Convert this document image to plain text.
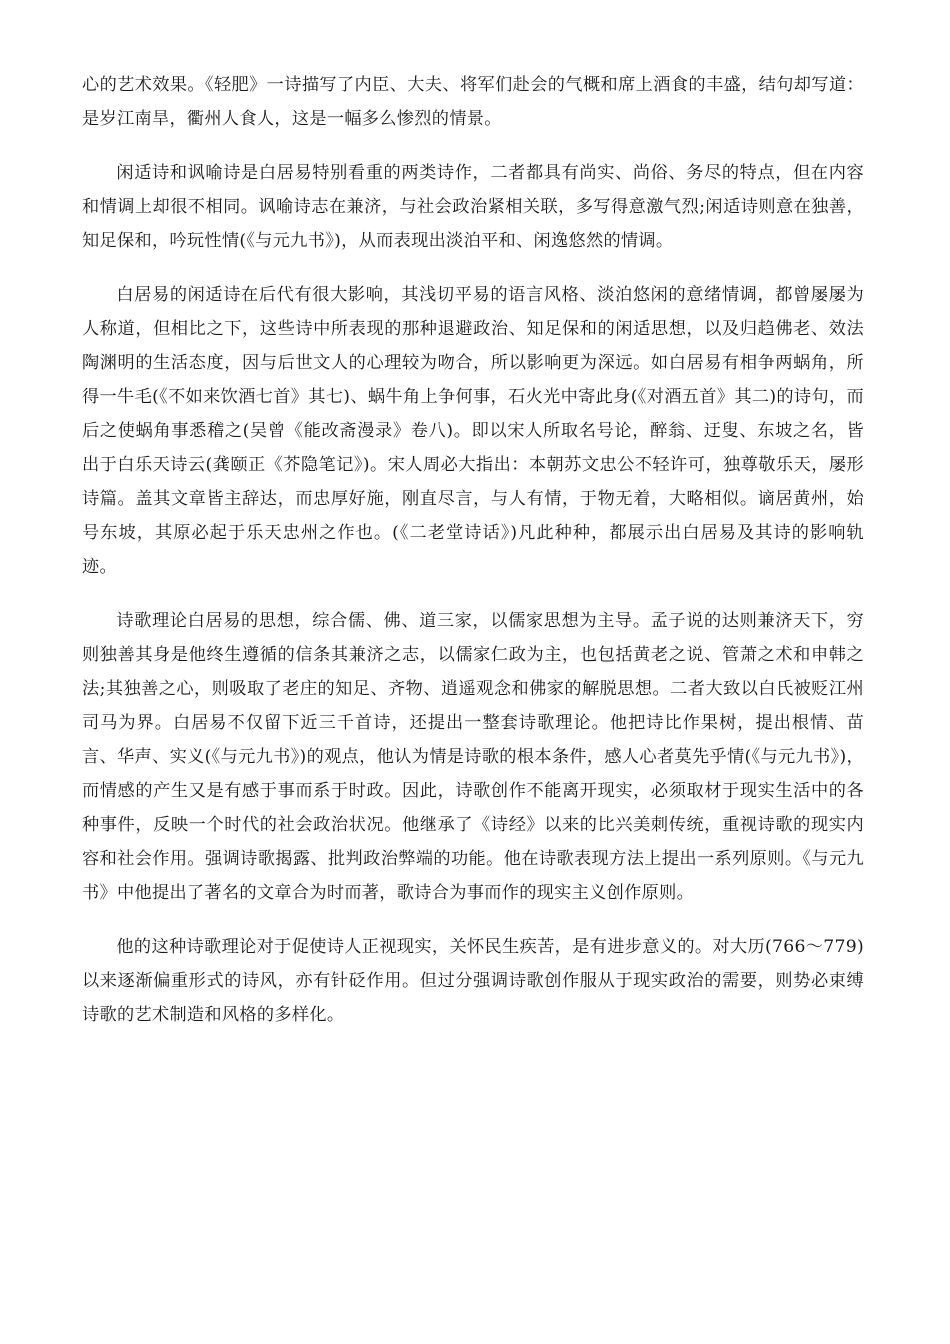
心的艺术效果。《轻肥》一诗描写了内臣、大夫、将军们赴会的气概和席上酒食的丰盛，结句却写道：是岁江南旱，衢州人食人，这是一幅多么惨烈的情景。

闲适诗和讽喻诗是白居易特别看重的两类诗作，二者都具有尚实、尚俗、务尽的特点，但在内容和情调上却很不相同。讽喻诗志在兼济，与社会政治紧相关联，多写得意激气烈;闲适诗则意在独善，知足保和，吟玩性情(《与元九书》)，从而表现出淡泊平和、闲逸悠然的情调。

白居易的闲适诗在后代有很大影响，其浅切平易的语言风格、淡泊悠闲的意绪情调，都曾屡屡为人称道，但相比之下，这些诗中所表现的那种退避政治、知足保和的闲适思想，以及归趋佛老、效法陶渊明的生活态度，因与后世文人的心理较为吻合，所以影响更为深远。如白居易有相争两蜗角，所得一牛毛(《不如来饮酒七首》其七)、蜗牛角上争何事，石火光中寄此身(《对酒五首》其二)的诗句，而后之使蜗角事悉稽之(吴曾《能改斋漫录》卷八)。即以宋人所取名号论，醉翁、迂叟、东坡之名，皆出于白乐天诗云(龚颐正《芥隐笔记》)。宋人周必大指出：本朝苏文忠公不轻许可，独尊敬乐天，屡形诗篇。盖其文章皆主辞达，而忠厚好施，刚直尽言，与人有情，于物无着，大略相似。谪居黄州，始号东坡，其原必起于乐天忠州之作也。(《二老堂诗话》)凡此种种，都展示出白居易及其诗的影响轨迹。

诗歌理论白居易的思想，综合儒、佛、道三家，以儒家思想为主导。孟子说的达则兼济天下，穷则独善其身是他终生遵循的信条其兼济之志，以儒家仁政为主，也包括黄老之说、管萧之术和申韩之法;其独善之心，则吸取了老庄的知足、齐物、逍遥观念和佛家的解脱思想。二者大致以白氏被贬江州司马为界。白居易不仅留下近三千首诗，还提出一整套诗歌理论。他把诗比作果树，提出根情、苗言、华声、实义(《与元九书》)的观点，他认为情是诗歌的根本条件，感人心者莫先乎情(《与元九书》)，而情感的产生又是有感于事而系于时政。因此，诗歌创作不能离开现实，必须取材于现实生活中的各种事件，反映一个时代的社会政治状况。他继承了《诗经》以来的比兴美刺传统，重视诗歌的现实内容和社会作用。强调诗歌揭露、批判政治弊端的功能。他在诗歌表现方法上提出一系列原则。《与元九书》中他提出了著名的文章合为时而著，歌诗合为事而作的现实主义创作原则。

他的这种诗歌理论对于促使诗人正视现实，关怀民生疾苦，是有进步意义的。对大历(766～779)以来逐渐偏重形式的诗风，亦有针砭作用。但过分强调诗歌创作服从于现实政治的需要，则势必束缚诗歌的艺术制造和风格的多样化。
